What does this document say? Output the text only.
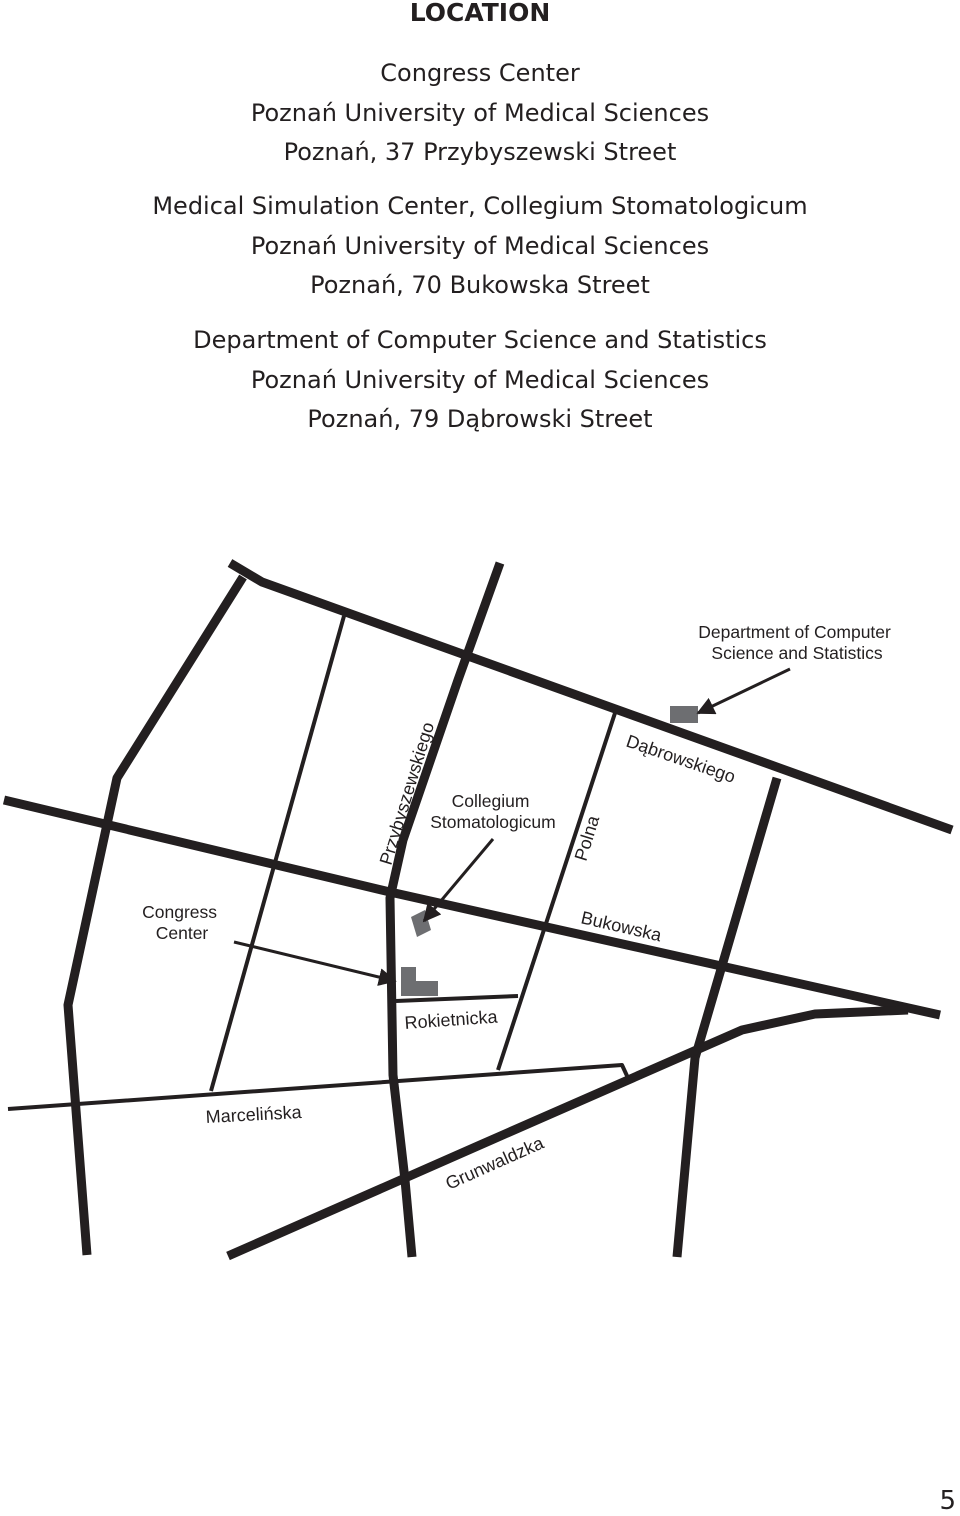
LOCATION
Congress Center
Poznań University of Medical Sciences
Poznań, 37 Przybyszewski Street
Medical Simulation Center, Collegium Stomatologicum
Poznań University of Medical Sciences
Poznań, 70 Bukowska Street
Department of Computer Science and Statistics
Poznań University of Medical Sciences
Poznań, 79 Dąbrowski Street
Przybyszewskiego	Dąbrowskiego
Polna
Bukowska
Rokietnicka
Marcelińska
Grunwaldzka
Department of Computer Science and Statistics
Collegium Stomatologicum
Congress Center
5
